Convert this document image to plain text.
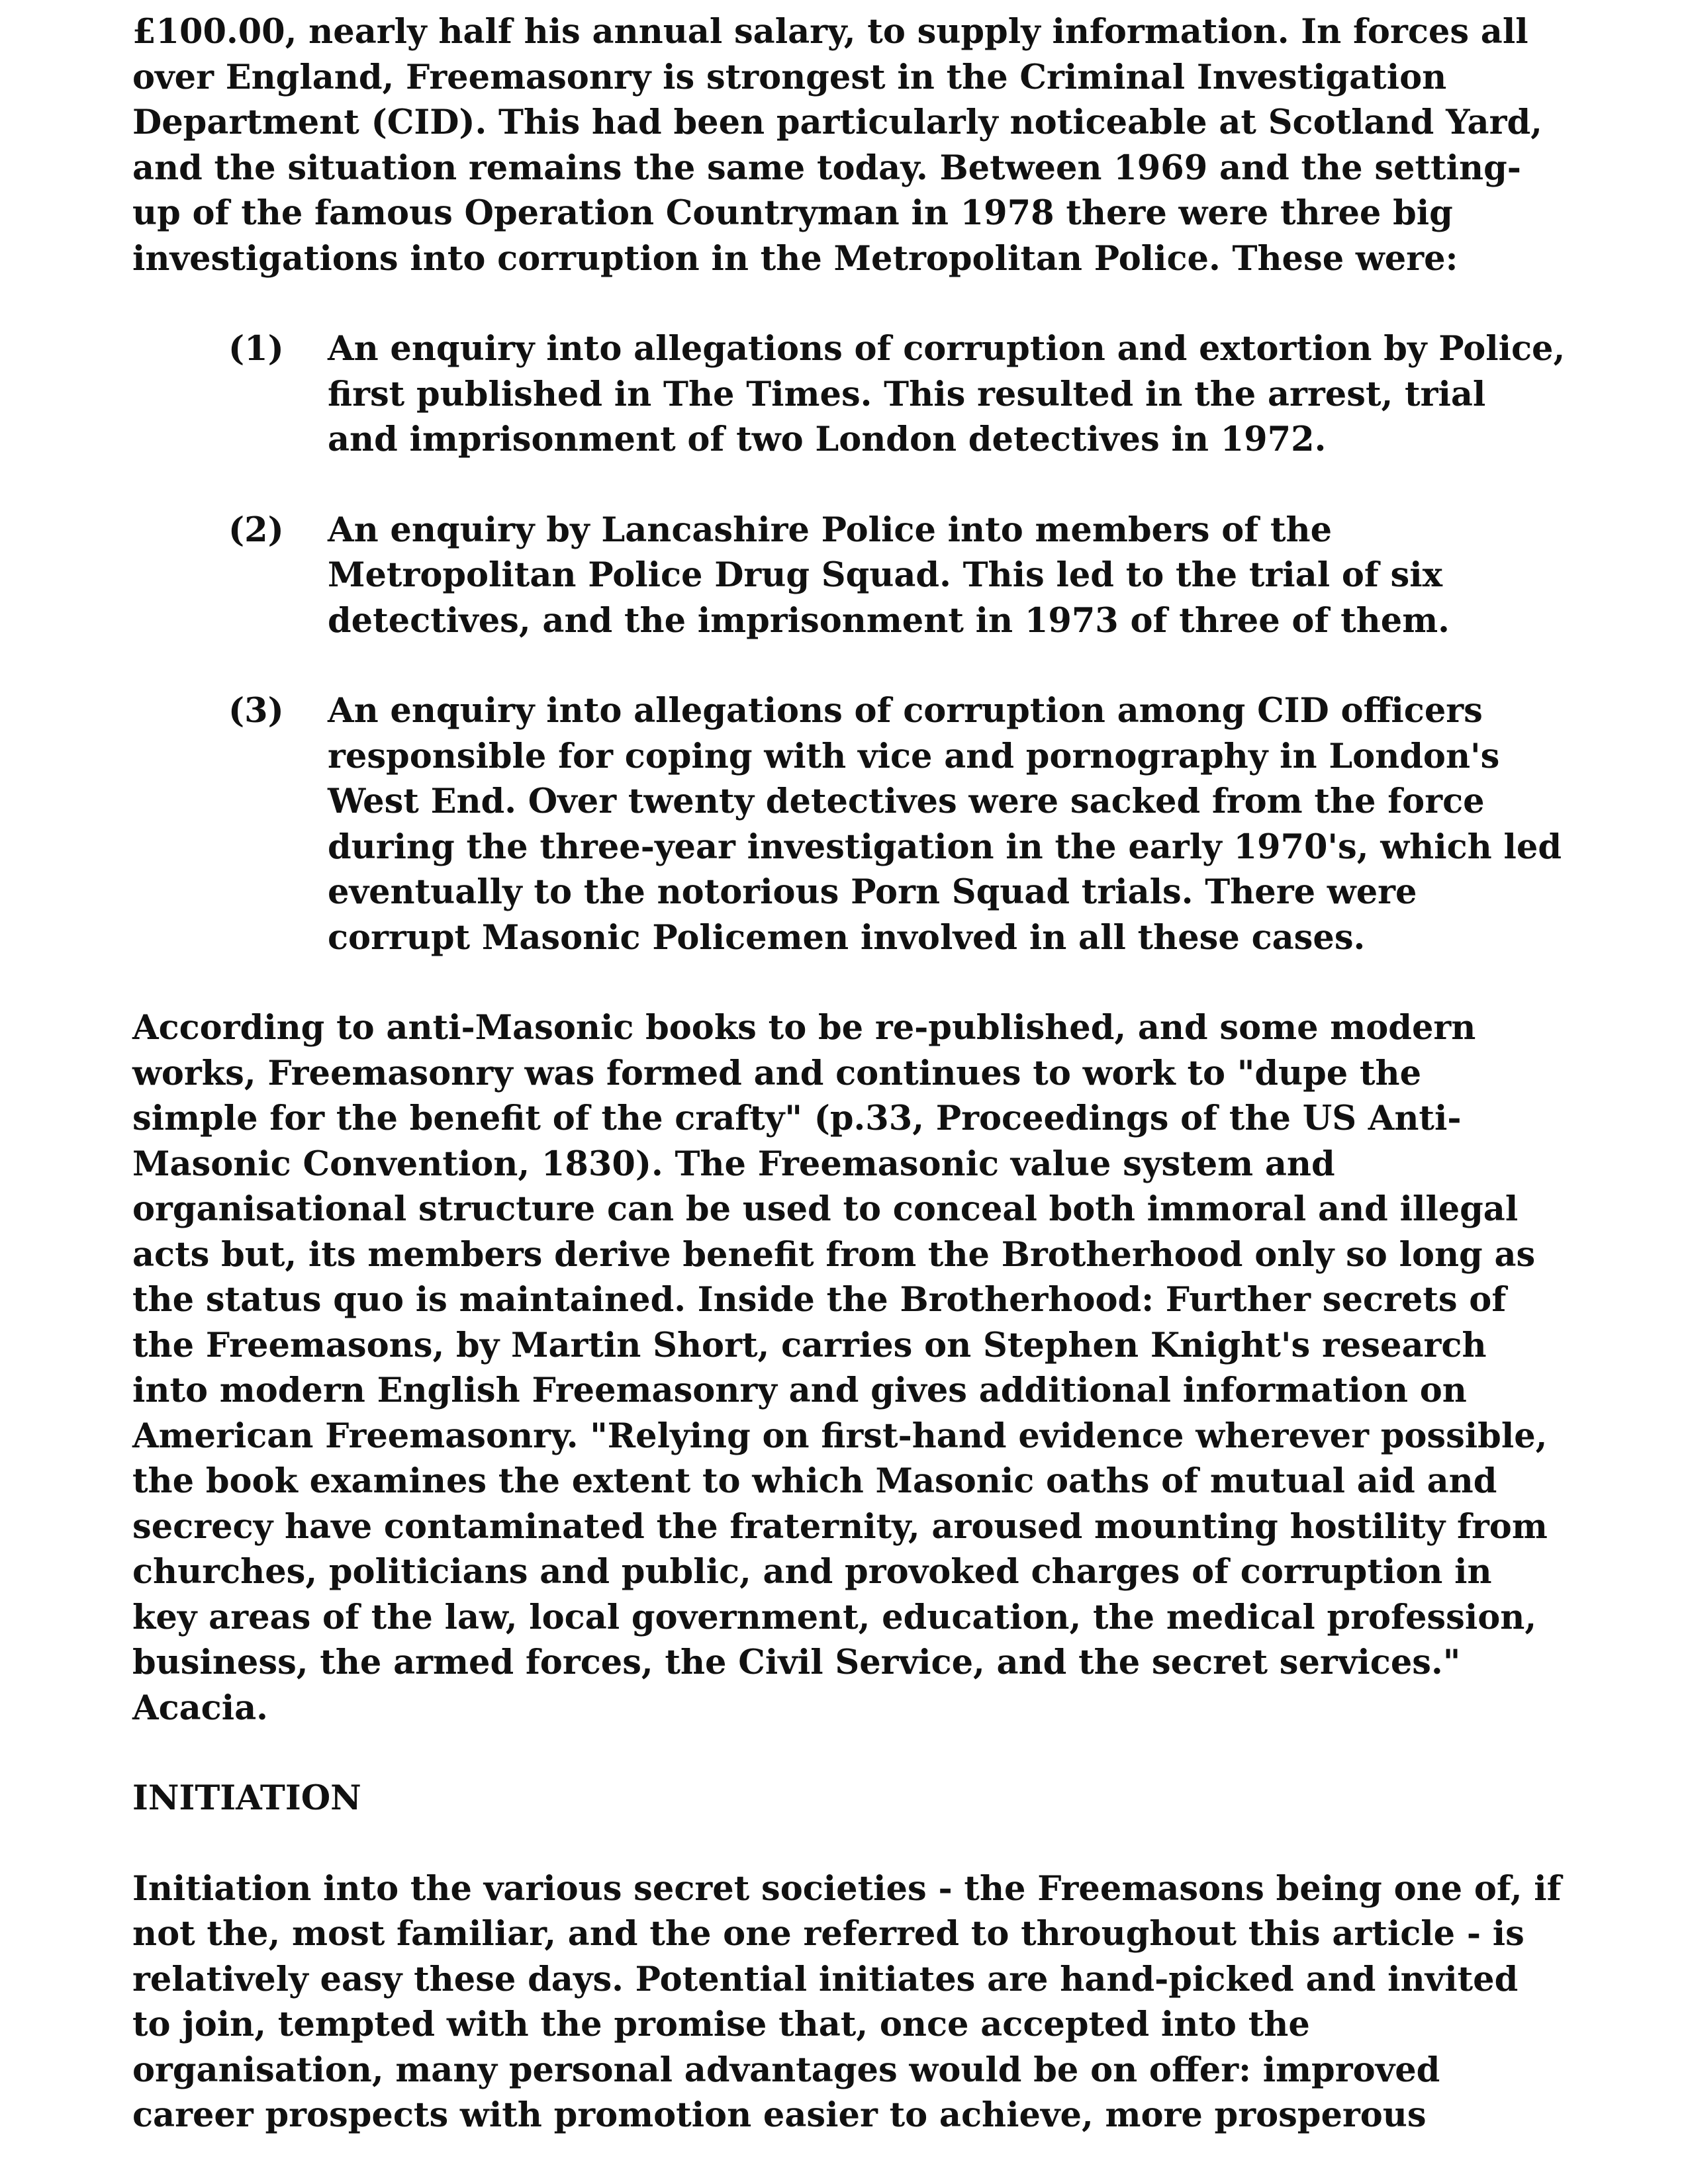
£100.00, nearly half his annual salary, to supply information. In forces all
over England, Freemasonry is strongest in the Criminal Investigation
Department (CID). This had been particularly noticeable at Scotland Yard,
and the situation remains the same today. Between 1969 and the setting-
up of the famous Operation Countryman in 1978 there were three big
investigations into corruption in the Metropolitan Police. These were:

(1) An enquiry into allegations of corruption and extortion by Police,
first published in The Times. This resulted in the arrest, trial
and imprisonment of two London detectives in 1972.
(2) An enquiry by Lancashire Police into members of the
Metropolitan Police Drug Squad. This led to the trial of six
detectives, and the imprisonment in 1973 of three of them.
(3) An enquiry into allegations of corruption among CID officers
responsible for coping with vice and pornography in London's
West End. Over twenty detectives were sacked from the force
during the three-year investigation in the early 1970's, which led
eventually to the notorious Porn Squad trials. There were
corrupt Masonic Policemen involved in all these cases.

According to anti-Masonic books to be re-published, and some modern
works, Freemasonry was formed and continues to work to "dupe the
simple for the benefit of the crafty" (p.33, Proceedings of the US Anti-
Masonic Convention, 1830). The Freemasonic value system and
organisational structure can be used to conceal both immoral and illegal
acts but, its members derive benefit from the Brotherhood only so long as
the status quo is maintained. Inside the Brotherhood: Further secrets of
the Freemasons, by Martin Short, carries on Stephen Knight's research
into modern English Freemasonry and gives additional information on
American Freemasonry. "Relying on first-hand evidence wherever possible,
the book examines the extent to which Masonic oaths of mutual aid and
secrecy have contaminated the fraternity, aroused mounting hostility from
churches, politicians and public, and provoked charges of corruption in
key areas of the law, local government, education, the medical profession,
business, the armed forces, the Civil Service, and the secret services."
Acacia.

INITIATION

Initiation into the various secret societies - the Freemasons being one of, if
not the, most familiar, and the one referred to throughout this article - is
relatively easy these days. Potential initiates are hand-picked and invited
to join, tempted with the promise that, once accepted into the
organisation, many personal advantages would be on offer: improved
career prospects with promotion easier to achieve, more prosperous
